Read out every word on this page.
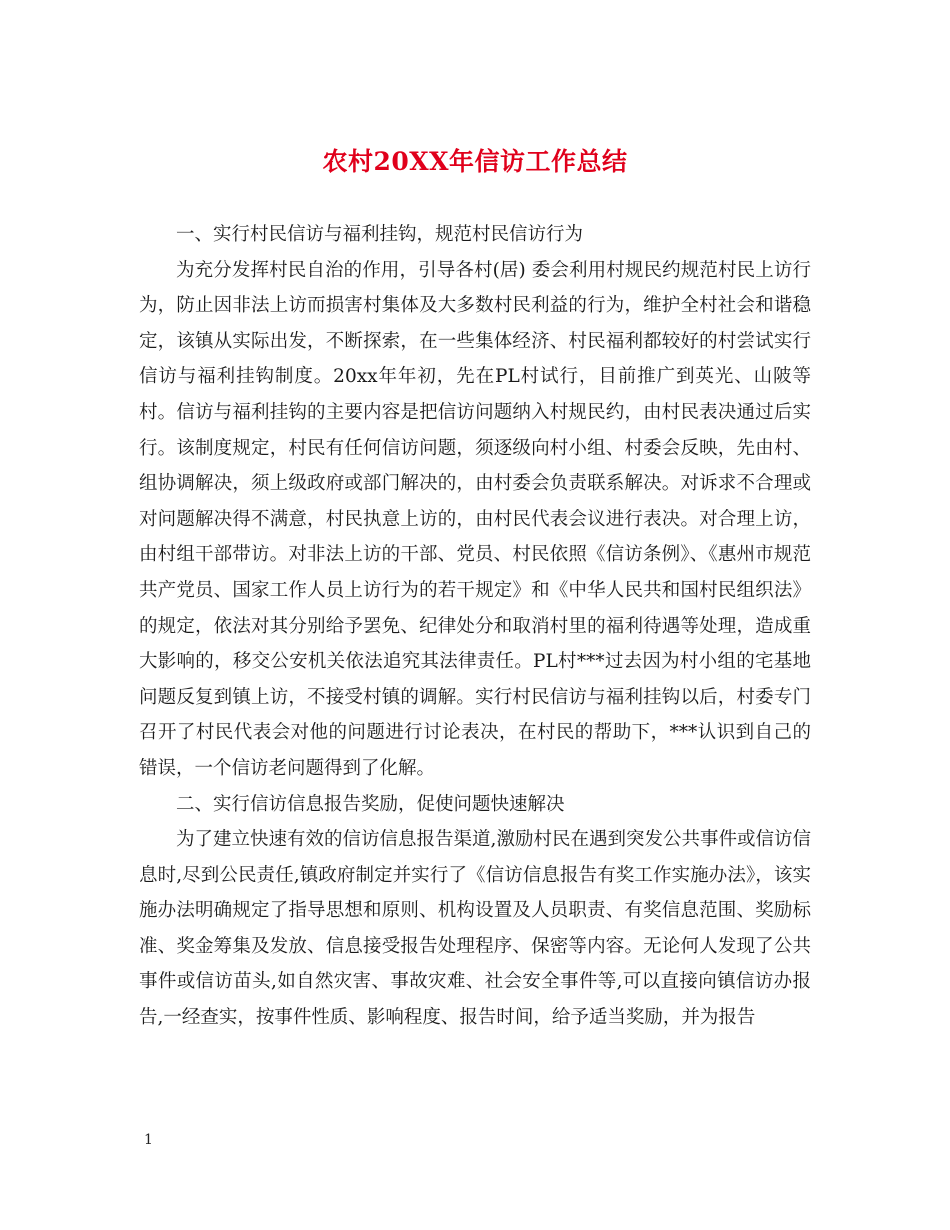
农村20XX年信访工作总结

一、实行村民信访与福利挂钩，规范村民信访行为

为充分发挥村民自治的作用，引导各村(居) 委会利用村规民约规范村民上访行为，防止因非法上访而损害村集体及大多数村民利益的行为，维护全村社会和谐稳定，该镇从实际出发，不断探索，在一些集体经济、村民福利都较好的村尝试实行信访与福利挂钩制度。20xx年年初，先在PL村试行，目前推广到英光、山陂等村。信访与福利挂钩的主要内容是把信访问题纳入村规民约，由村民表决通过后实行。该制度规定，村民有任何信访问题，须逐级向村小组、村委会反映，先由村、组协调解决，须上级政府或部门解决的，由村委会负责联系解决。对诉求不合理或对问题解决得不满意，村民执意上访的，由村民代表会议进行表决。对合理上访，由村组干部带访。对非法上访的干部、党员、村民依照《信访条例》、《惠州市规范共产党员、国家工作人员上访行为的若干规定》和《中华人民共和国村民组织法》的规定，依法对其分别给予罢免、纪律处分和取消村里的福利待遇等处理，造成重大影响的，移交公安机关依法追究其法律责任。PL村***过去因为村小组的宅基地问题反复到镇上访，不接受村镇的调解。实行村民信访与福利挂钩以后，村委专门召开了村民代表会对他的问题进行讨论表决，在村民的帮助下，***认识到自己的错误，一个信访老问题得到了化解。

二、实行信访信息报告奖励，促使问题快速解决

为了建立快速有效的信访信息报告渠道,激励村民在遇到突发公共事件或信访信息时,尽到公民责任,镇政府制定并实行了《信访信息报告有奖工作实施办法》，该实施办法明确规定了指导思想和原则、机构设置及人员职责、有奖信息范围、奖励标准、奖金筹集及发放、信息接受报告处理程序、保密等内容。无论何人发现了公共事件或信访苗头,如自然灾害、事故灾难、社会安全事件等,可以直接向镇信访办报告,一经查实，按事件性质、影响程度、报告时间，给予适当奖励，并为报告

1
